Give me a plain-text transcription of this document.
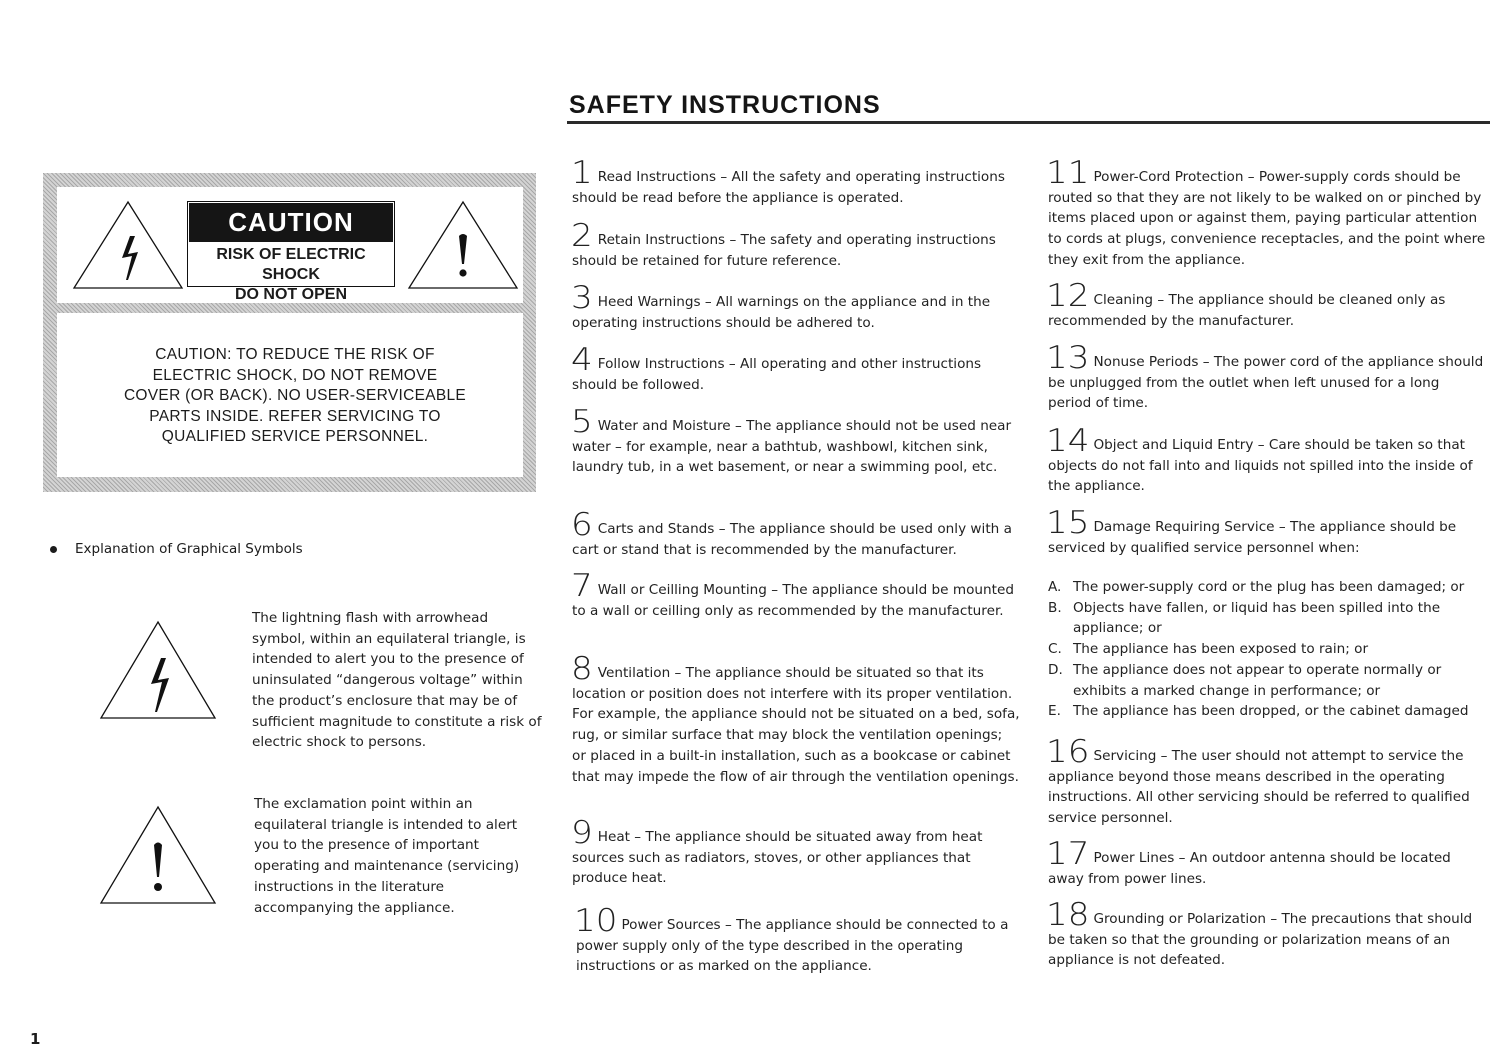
SAFETY INSTRUCTIONS
CAUTION
RISK OF ELECTRIC SHOCK
DO NOT OPEN
CAUTION: TO REDUCE THE RISK OF
ELECTRIC SHOCK, DO NOT REMOVE
COVER (OR BACK). NO USER-SERVICEABLE
PARTS INSIDE. REFER SERVICING TO
QUALIFIED SERVICE PERSONNEL.
Explanation of Graphical Symbols
The lightning flash with arrowhead symbol, within an equilateral triangle, is intended to alert you to the presence of uninsulated “dangerous voltage” within the product’s enclosure that may be of sufficient magnitude to constitute a risk of electric shock to persons.
The exclamation point within an equilateral triangle is intended to alert you to the presence of important operating and maintenance (servicing) instructions in the literature accompanying the appliance.
1 Read Instructions – All the safety and operating instructions should be read before the appliance is operated.
2 Retain Instructions – The safety and operating instructions should be retained for future reference.
3 Heed Warnings – All warnings on the appliance and in the operating instructions should be adhered to.
4 Follow Instructions – All operating and other instructions should be followed.
5 Water and Moisture – The appliance should not be used near water – for example, near a bathtub, washbowl, kitchen sink, laundry tub, in a wet basement, or near a swimming pool, etc.
6 Carts and Stands – The appliance should be used only with a cart or stand that is recommended by the manufacturer.
7 Wall or Ceilling Mounting – The appliance should be mounted to a wall or ceilling only as recommended by the manufacturer.
8 Ventilation – The appliance should be situated so that its location or position does not interfere with its proper ventilation. For example, the appliance should not be situated on a bed, sofa, rug, or similar surface that may block the ventilation openings; or placed in a built-in installation, such as a bookcase or cabinet that may impede the flow of air through the ventilation openings.
9 Heat – The appliance should be situated away from heat sources such as radiators, stoves, or other appliances that produce heat.
10 Power Sources – The appliance should be connected to a power supply only of the type described in the operating instructions or as marked on the appliance.
11 Power-Cord Protection – Power-supply cords should be routed so that they are not likely to be walked on or pinched by items placed upon or against them, paying particular attention to cords at plugs, convenience receptacles, and the point where they exit from the appliance.
12 Cleaning – The appliance should be cleaned only as recommended by the manufacturer.
13 Nonuse Periods – The power cord of the appliance should be unplugged from the outlet when left unused for a long period of time.
14 Object and Liquid Entry – Care should be taken so that objects do not fall into and liquids not spilled into the inside of the appliance.
15 Damage Requiring Service – The appliance should be serviced by qualified service personnel when:
A. The power-supply cord or the plug has been damaged; or
B. Objects have fallen, or liquid has been spilled into the appliance; or
C. The appliance has been exposed to rain; or
D. The appliance does not appear to operate normally or exhibits a marked change in performance; or
E. The appliance has been dropped, or the cabinet damaged
16 Servicing – The user should not attempt to service the appliance beyond those means described in the operating instructions. All other servicing should be referred to qualified service personnel.
17 Power Lines – An outdoor antenna should be located away from power lines.
18 Grounding or Polarization – The precautions that should be taken so that the grounding or polarization means of an appliance is not defeated.
1
